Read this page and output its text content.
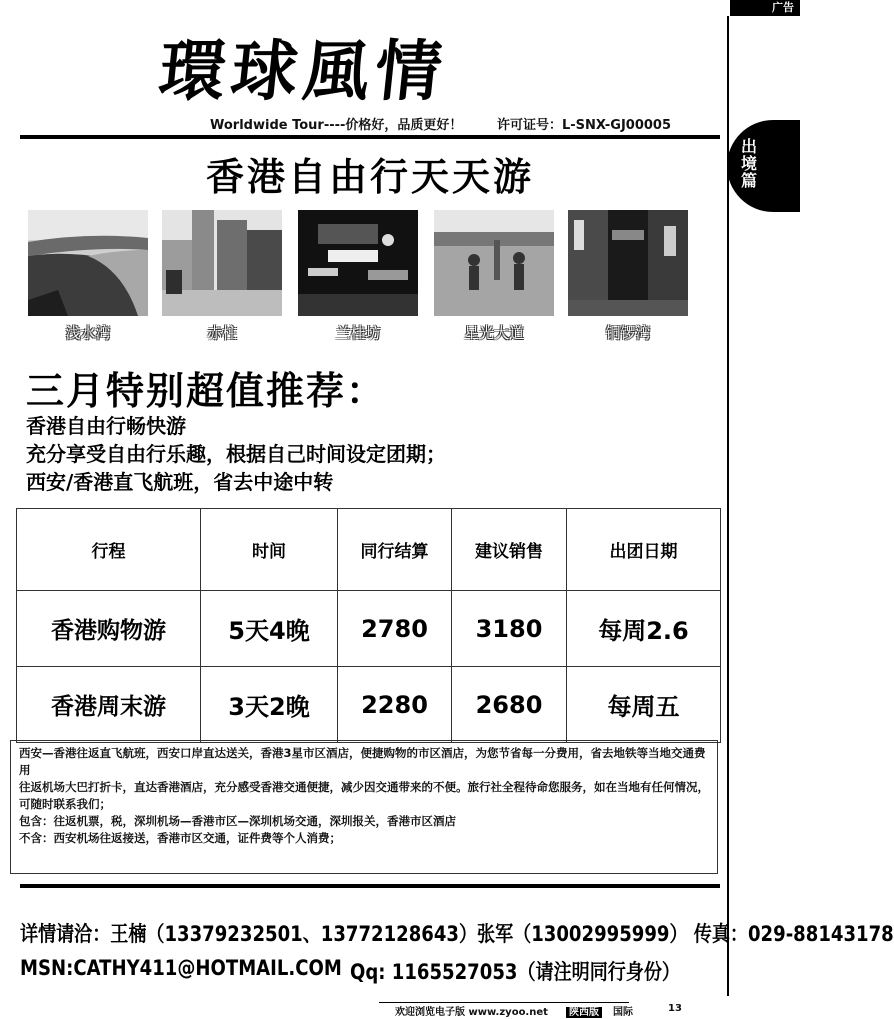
广告
出境篇
環球風情
Worldwide Tour----价格好，品质更好！	许可证号：L-SNX-GJ00005
香港自由行天天游
浅水湾	赤柱	兰桂坊	星光大道	铜锣湾
三月特别超值推荐：
香港自由行畅快游
充分享受自由行乐趣，根据自己时间设定团期；
西安/香港直飞航班，省去中途中转
行程	时间	同行结算	建议销售	出团日期
香港购物游	5天4晚	2780	3180	每周2.6
香港周末游	3天2晚	2280	2680	每周五
西安—香港往返直飞航班，西安口岸直达送关，香港3星市区酒店，便捷购物的市区酒店，为您节省每一分费用，省去地铁等当地交通费用
往返机场大巴打折卡，直达香港酒店，充分感受香港交通便捷，减少因交通带来的不便。旅行社全程待命您服务，如在当地有任何情况，可随时联系我们；
包含：往返机票，税，深圳机场—香港市区—深圳机场交通，深圳报关，香港市区酒店
不含：西安机场往返接送，香港市区交通，证件费等个人消费；
详情请洽：王楠（13379232501、13772128643）张军（13002995999） 传真：029-88143178
MSN:CATHY411@HOTMAIL.COM Qq: 1165527053（请注明同行身份）
欢迎浏览电子版 www.zyoo.net	陕西版	国际	13
